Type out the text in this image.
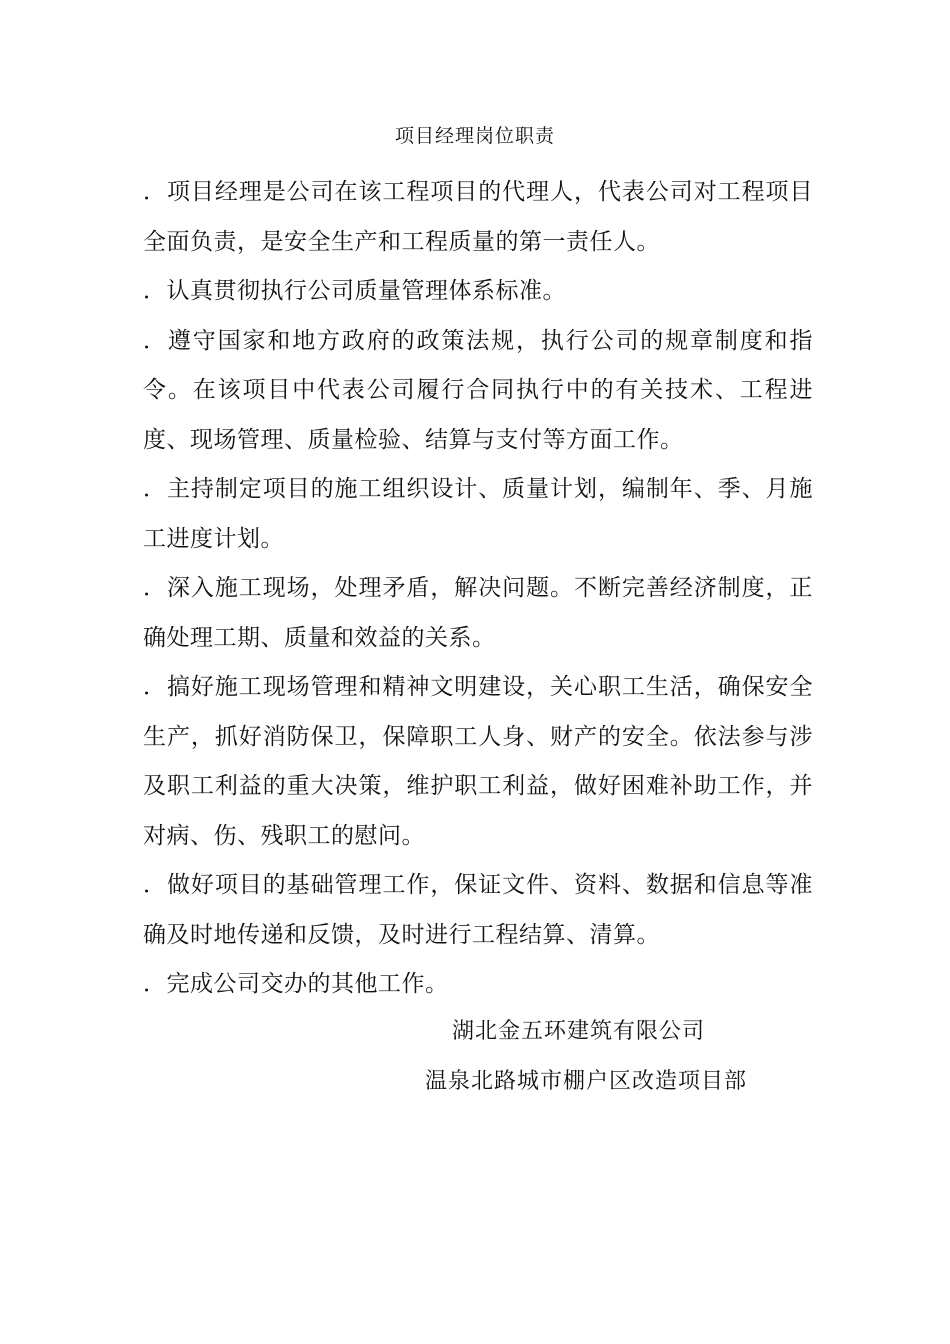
项目经理岗位职责

．项目经理是公司在该工程项目的代理人，代表公司对工程项目全面负责，是安全生产和工程质量的第一责任人。

．认真贯彻执行公司质量管理体系标准。

．遵守国家和地方政府的政策法规，执行公司的规章制度和指令。在该项目中代表公司履行合同执行中的有关技术、工程进度、现场管理、质量检验、结算与支付等方面工作。

．主持制定项目的施工组织设计、质量计划，编制年、季、月施工进度计划。

．深入施工现场，处理矛盾，解决问题。不断完善经济制度，正确处理工期、质量和效益的关系。

．搞好施工现场管理和精神文明建设，关心职工生活，确保安全生产，抓好消防保卫，保障职工人身、财产的安全。依法参与涉及职工利益的重大决策，维护职工利益，做好困难补助工作，并对病、伤、残职工的慰问。

．做好项目的基础管理工作，保证文件、资料、数据和信息等准确及时地传递和反馈，及时进行工程结算、清算。

．完成公司交办的其他工作。

湖北金五环建筑有限公司
温泉北路城市棚户区改造项目部
